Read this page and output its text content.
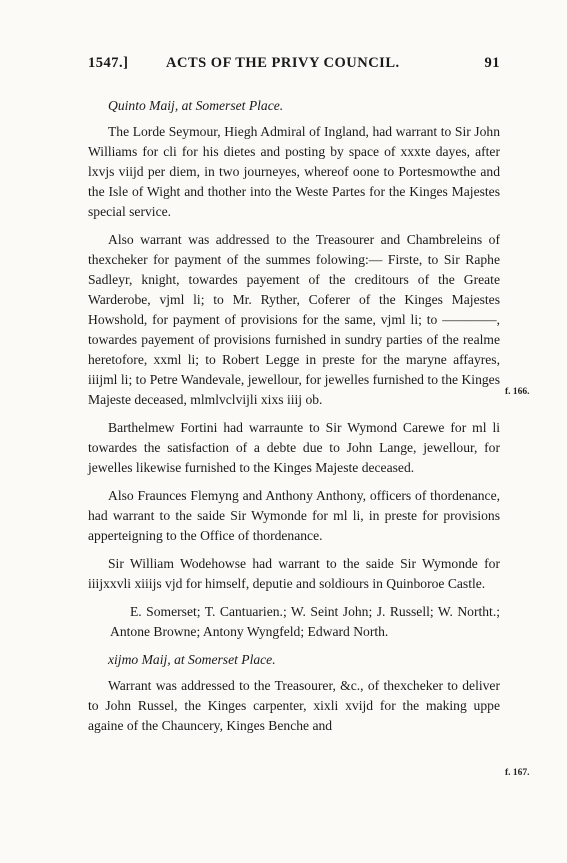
1547.]	ACTS OF THE PRIVY COUNCIL.	91

Quinto Maij, at Somerset Place.

The Lorde Seymour, Hiegh Admiral of Ingland, had warrant to Sir John Williams for cli for his dietes and posting by space of xxxte dayes, after lxvjs viijd per diem, in two journeyes, whereof oone to Portesmowthe and the Isle of Wight and thother into the Weste Partes for the Kinges Majestes special service.

Also warrant was addressed to the Treasourer and Chambreleins of thexcheker for payment of the summes folowing:— Firste, to Sir Raphe Sadleyr, knight, towardes payement of the creditours of the Greate Warderobe, vjml li; to Mr. Ryther, Coferer of the Kinges Majestes Howshold, for payment of provisions for the same, vjml li; to ————, towardes payement of provisions furnished in sundry parties of the realme heretofore, xxml li; to Robert Legge in preste for the maryne affayres, iiijml li; to Petre Wandevale, jewellour, for jewelles furnished to the Kinges Majeste deceased, mlmlvclvijli xixs iiij ob.

Barthelmew Fortini had warraunte to Sir Wymond Carewe for ml li towardes the satisfaction of a debte due to John Lange, jewellour, for jewelles likewise furnished to the Kinges Majeste deceased.

Also Fraunces Flemyng and Anthony Anthony, officers of thordenance, had warrant to the saide Sir Wymonde for ml li, in preste for provisions apperteigning to the Office of thordenance.

Sir William Wodehowse had warrant to the saide Sir Wymonde for iiijxxvli xiiijs vjd for himself, deputie and soldiours in Quinboroe Castle.

E. Somerset; T. Cantuarien.; W. Seint John; J. Russell; W. Northt.; Antone Browne; Antony Wyngfeld; Edward North.

xijmo Maij, at Somerset Place.

Warrant was addressed to the Treasourer, &c., of thexcheker to deliver to John Russel, the Kinges carpenter, xixli xvijd for the making uppe againe of the Chauncery, Kinges Benche and

f. 166.
f. 167.
